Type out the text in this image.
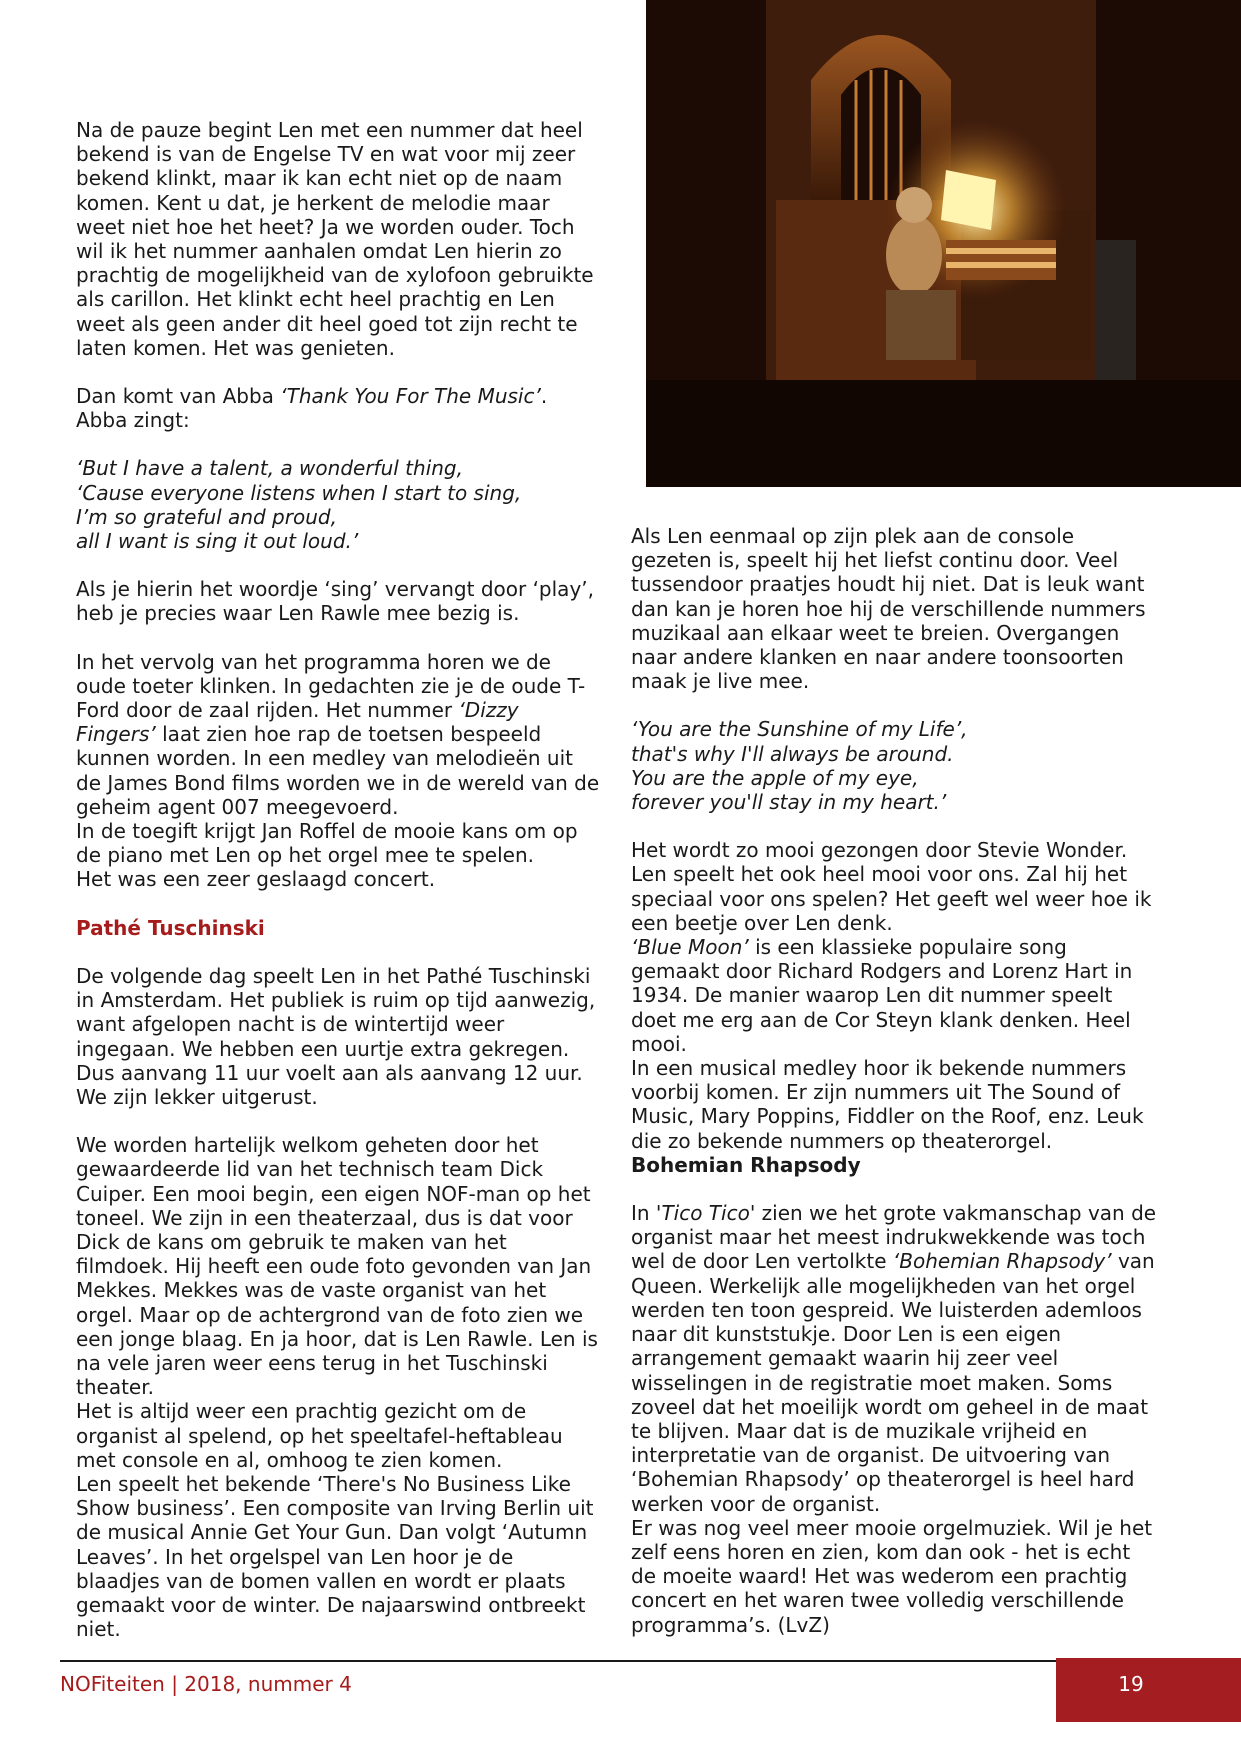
Na de pauze begint Len met een nummer dat heel bekend is van de Engelse TV en wat voor mij zeer bekend klinkt, maar ik kan echt niet op de naam komen. Kent u dat, je herkent de melodie maar weet niet hoe het heet? Ja we worden ouder. Toch wil ik het nummer aanhalen omdat Len hierin zo prachtig de mogelijkheid van de xylofoon gebruikte als carillon. Het klinkt echt heel prachtig en Len weet als geen ander dit heel goed tot zijn recht te laten komen. Het was genieten.

Dan komt van Abba ‘Thank You For The Music’.

Abba zingt:

‘But I have a talent, a wonderful thing,
‘Cause everyone listens when I start to sing,
I’m so grateful and proud,
all I want is sing it out loud.’

Als je hierin het woordje ‘sing’ vervangt door ‘play’, heb je precies waar Len Rawle mee bezig is.

In het vervolg van het programma horen we de oude toeter klinken. In gedachten zie je de oude T-Ford door de zaal rijden. Het nummer ‘Dizzy Fingers’ laat zien hoe rap de toetsen bespeeld kunnen worden. In een medley van melodieën uit de James Bond films worden we in de wereld van de geheim agent 007 meegevoerd.

In de toegift krijgt Jan Roffel de mooie kans om op de piano met Len op het orgel mee te spelen.

Het was een zeer geslaagd concert.

Pathé Tuschinski

De volgende dag speelt Len in het Pathé Tuschinski in Amsterdam. Het publiek is ruim op tijd aanwezig, want afgelopen nacht is de wintertijd weer ingegaan. We hebben een uurtje extra gekregen. Dus aanvang 11 uur voelt aan als aanvang 12 uur. We zijn lekker uitgerust.

We worden hartelijk welkom geheten door het gewaardeerde lid van het technisch team Dick Cuiper. Een mooi begin, een eigen NOF-man op het toneel. We zijn in een theaterzaal, dus is dat voor Dick de kans om gebruik te maken van het filmdoek. Hij heeft een oude foto gevonden van Jan Mekkes. Mekkes was de vaste organist van het orgel. Maar op de achtergrond van de foto zien we een jonge blaag. En ja hoor, dat is Len Rawle. Len is na vele jaren weer eens terug in het Tuschinski theater.

Het is altijd weer een prachtig gezicht om de organist al spelend, op het speeltafel-heftableau met console en al, omhoog te zien komen.

Len speelt het bekende ‘There's No Business Like Show business’. Een composite van Irving Berlin uit de musical Annie Get Your Gun. Dan volgt ‘Autumn Leaves’. In het orgelspel van Len hoor je de blaadjes van de bomen vallen en wordt er plaats gemaakt voor de winter. De najaarswind ontbreekt niet.

Als Len eenmaal op zijn plek aan de console gezeten is, speelt hij het liefst continu door. Veel tussendoor praatjes houdt hij niet. Dat is leuk want dan kan je horen hoe hij de verschillende nummers muzikaal aan elkaar weet te breien. Overgangen naar andere klanken en naar andere toonsoorten maak je live mee.

‘You are the Sunshine of my Life’,
that's why I'll always be around.
You are the apple of my eye,
forever you'll stay in my heart.’

Het wordt zo mooi gezongen door Stevie Wonder. Len speelt het ook heel mooi voor ons. Zal hij het speciaal voor ons spelen? Het geeft wel weer hoe ik een beetje over Len denk.

‘Blue Moon’ is een klassieke populaire song gemaakt door Richard Rodgers and Lorenz Hart in 1934. De manier waarop Len dit nummer speelt doet me erg aan de Cor Steyn klank denken. Heel mooi.

In een musical medley hoor ik bekende nummers voorbij komen. Er zijn nummers uit The Sound of Music, Mary Poppins, Fiddler on the Roof, enz. Leuk die zo bekende nummers op theaterorgel.

Bohemian Rhapsody

In 'Tico Tico' zien we het grote vakmanschap van de organist maar het meest indrukwekkende was toch wel de door Len vertolkte ‘Bohemian Rhapsody’ van Queen. Werkelijk alle mogelijkheden van het orgel werden ten toon gespreid. We luisterden ademloos naar dit kunststukje. Door Len is een eigen arrangement gemaakt waarin hij zeer veel wisselingen in de registratie moet maken. Soms zoveel dat het moeilijk wordt om geheel in de maat te blijven. Maar dat is de muzikale vrijheid en interpretatie van de organist. De uitvoering van ‘Bohemian Rhapsody’ op theaterorgel is heel hard werken voor de organist.

Er was nog veel meer mooie orgelmuziek. Wil je het zelf eens horen en zien, kom dan ook - het is echt de moeite waard! Het was wederom een prachtig concert en het waren twee volledig verschillende programma’s. (LvZ)

NOFiteiten | 2018, nummer 4	19
